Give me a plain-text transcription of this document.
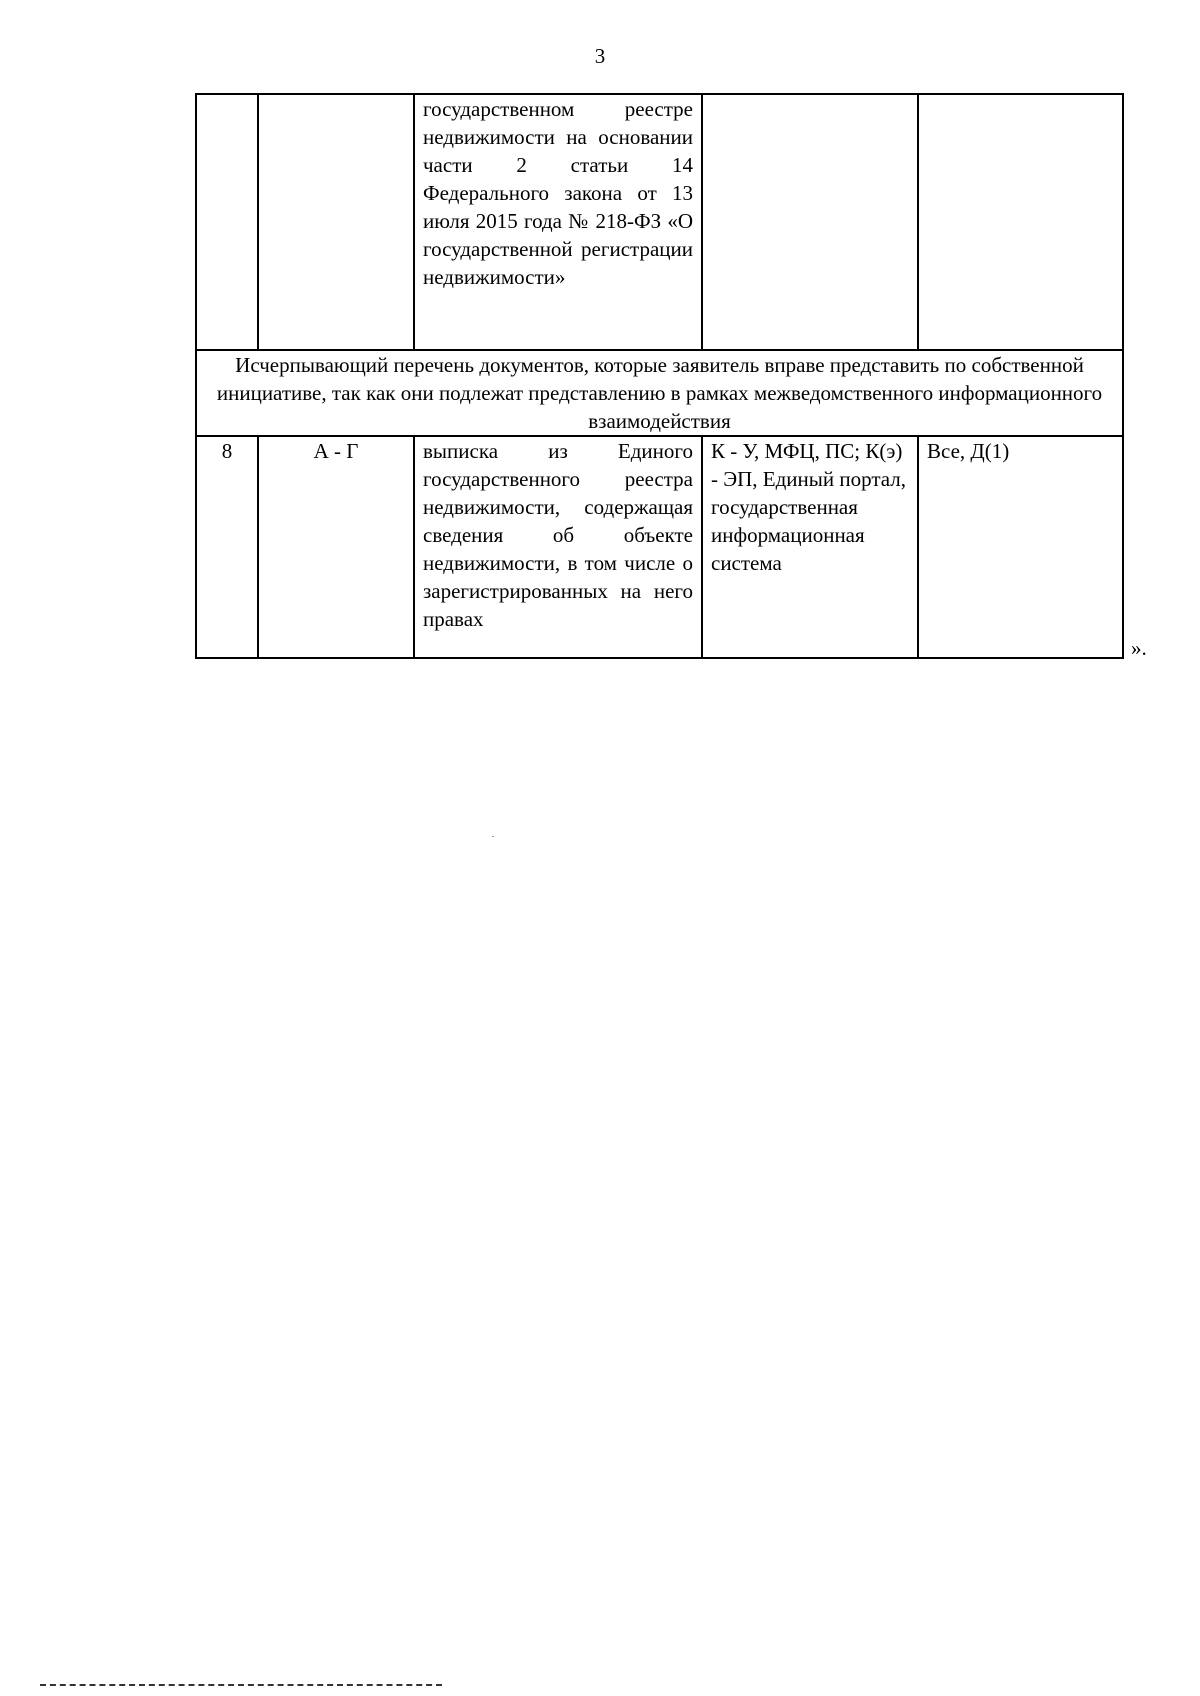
3
		государственном реестре недвижимости на основании части 2 статьи 14 Федерального закона от 13 июля 2015 года № 218-ФЗ «О государственной регистрации недвижимости»		
Исчерпывающий перечень документов, которые заявитель вправе представить по собственной инициативе, так как они подлежат представлению в рамках межведомственного информационного взаимодействия				
8	А - Г	выписка из Единого государственного реестра недвижимости, содержащая сведения об объекте недвижимости, в том числе о зарегистрированных на него правах	К - У, МФЦ, ПС; К(э) - ЭП, Единый портал, государственная информационная система	Все, Д(1)
».
